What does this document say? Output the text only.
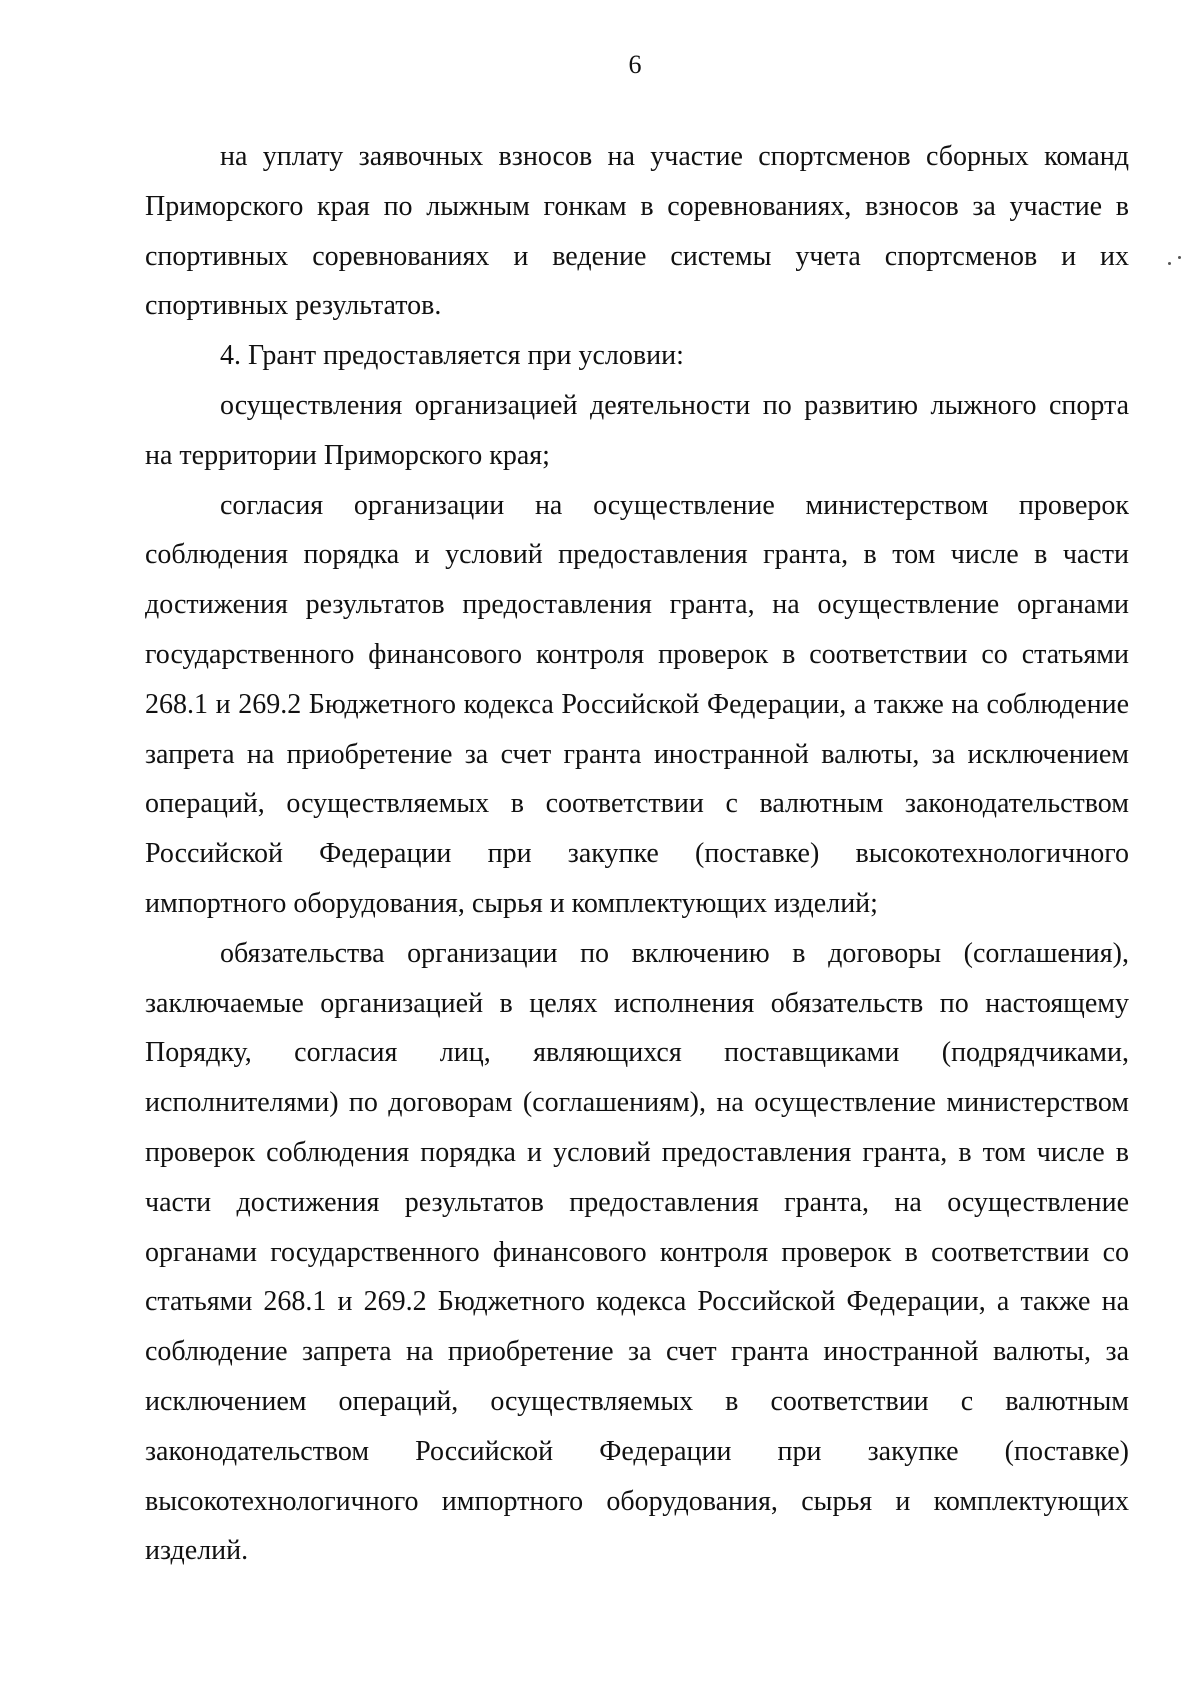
6

на уплату заявочных взносов на участие спортсменов сборных команд Приморского края по лыжным гонкам в соревнованиях, взносов за участие в спортивных соревнованиях и ведение системы учета спортсменов и их спортивных результатов.

4. Грант предоставляется при условии:

осуществления организацией деятельности по развитию лыжного спорта на территории Приморского края;

согласия организации на осуществление министерством проверок соблюдения порядка и условий предоставления гранта, в том числе в части достижения результатов предоставления гранта, на осуществление органами государственного финансового контроля проверок в соответствии со статьями 268.1 и 269.2 Бюджетного кодекса Российской Федерации, а также на соблюдение запрета на приобретение за счет гранта иностранной валюты, за исключением операций, осуществляемых в соответствии с валютным законодательством Российской Федерации при закупке (поставке) высокотехнологичного импортного оборудования, сырья и комплектующих изделий;

обязательства организации по включению в договоры (соглашения), заключаемые организацией в целях исполнения обязательств по настоящему Порядку, согласия лиц, являющихся поставщиками (подрядчиками, исполнителями) по договорам (соглашениям), на осуществление министерством проверок соблюдения порядка и условий предоставления гранта, в том числе в части достижения результатов предоставления гранта, на осуществление органами государственного финансового контроля проверок в соответствии со статьями 268.1 и 269.2 Бюджетного кодекса Российской Федерации, а также на соблюдение запрета на приобретение за счет гранта иностранной валюты, за исключением операций, осуществляемых в соответствии с валютным законодательством Российской Федерации при закупке (поставке) высокотехнологичного импортного оборудования, сырья и комплектующих изделий.
